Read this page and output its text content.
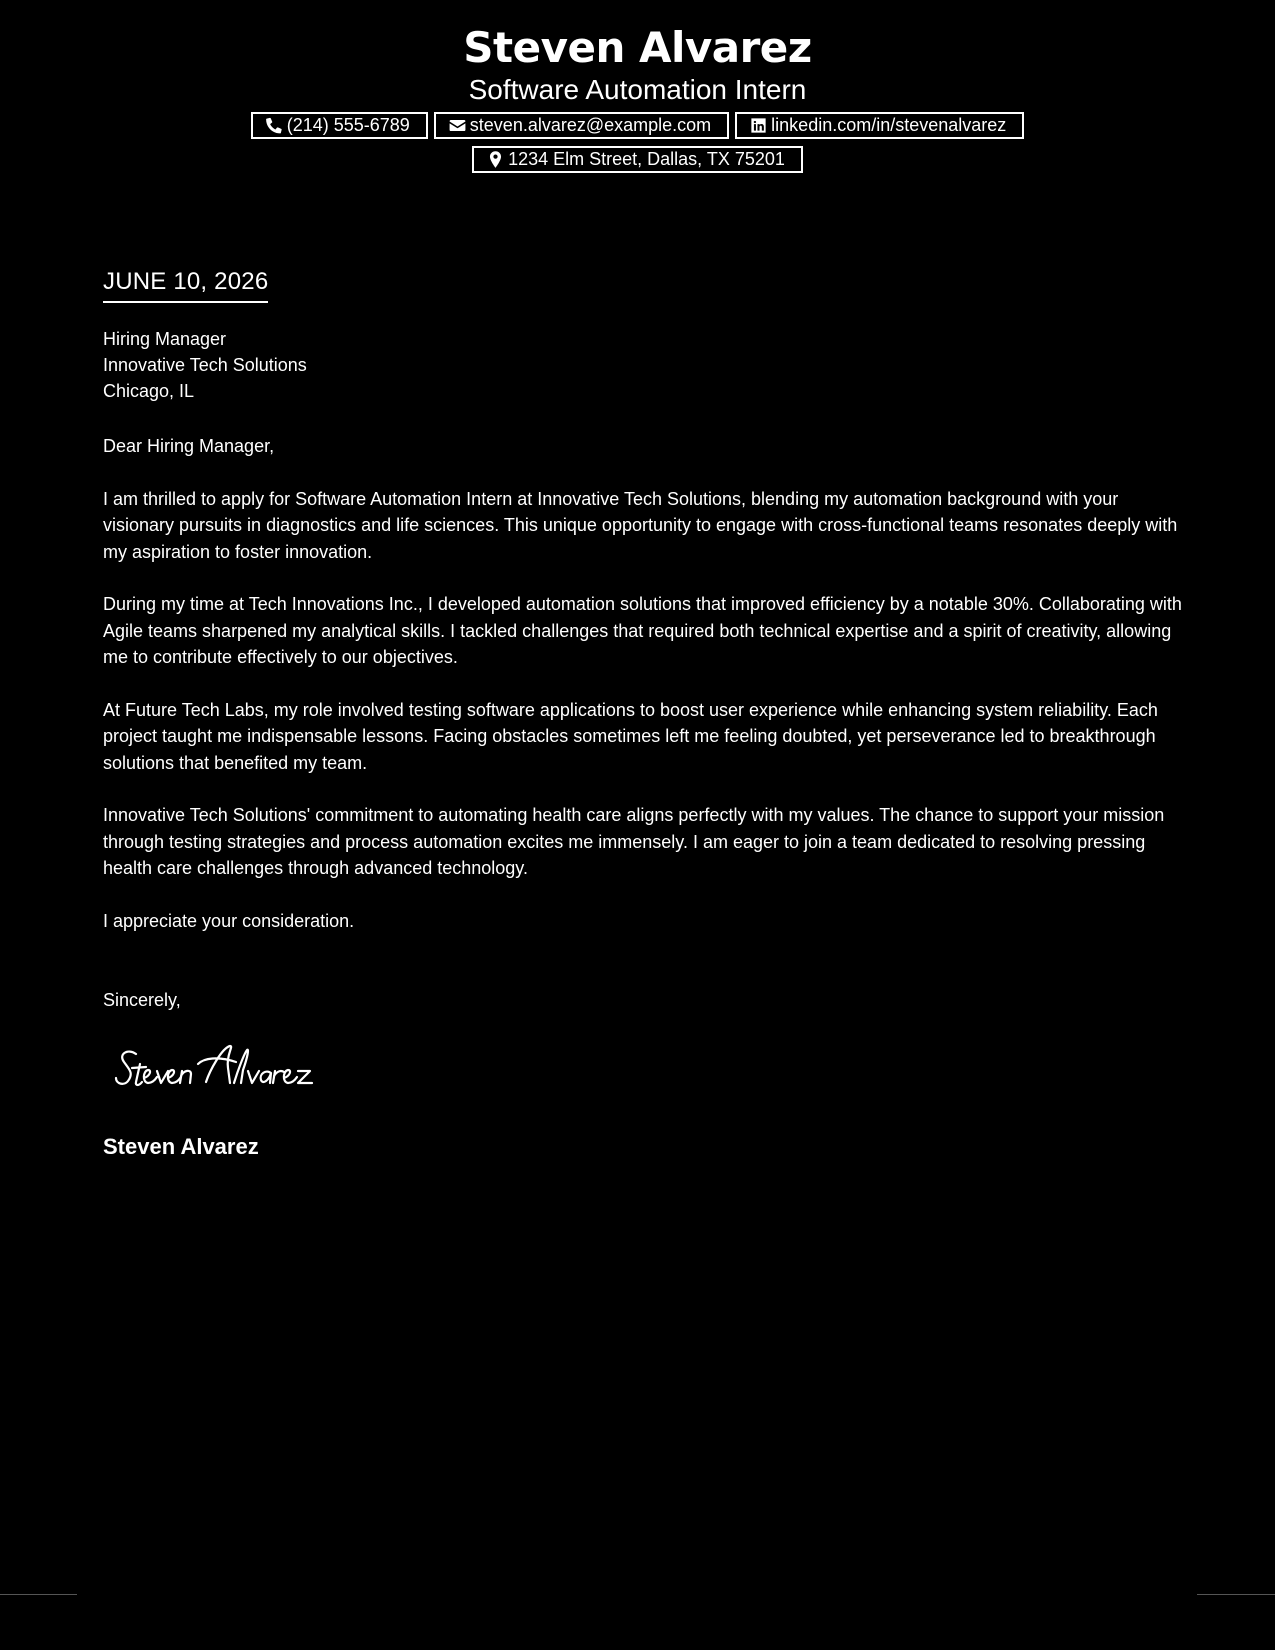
Steven Alvarez
Software Automation Intern
(214) 555-6789	steven.alvarez@example.com	linkedin.com/in/stevenalvarez
1234 Elm Street, Dallas, TX 75201
JUNE 10, 2026
Hiring Manager
Innovative Tech Solutions
Chicago, IL

Dear Hiring Manager,

I am thrilled to apply for Software Automation Intern at Innovative Tech Solutions, blending my automation background with your visionary pursuits in diagnostics and life sciences. This unique opportunity to engage with cross-functional teams resonates deeply with my aspiration to foster innovation.

During my time at Tech Innovations Inc., I developed automation solutions that improved efficiency by a notable 30%. Collaborating with Agile teams sharpened my analytical skills. I tackled challenges that required both technical expertise and a spirit of creativity, allowing me to contribute effectively to our objectives.

At Future Tech Labs, my role involved testing software applications to boost user experience while enhancing system reliability. Each project taught me indispensable lessons. Facing obstacles sometimes left me feeling doubted, yet perseverance led to breakthrough solutions that benefited my team.

Innovative Tech Solutions' commitment to automating health care aligns perfectly with my values. The chance to support your mission through testing strategies and process automation excites me immensely. I am eager to join a team dedicated to resolving pressing health care challenges through advanced technology.

I appreciate your consideration.

Sincerely,
Steven Alvarez
